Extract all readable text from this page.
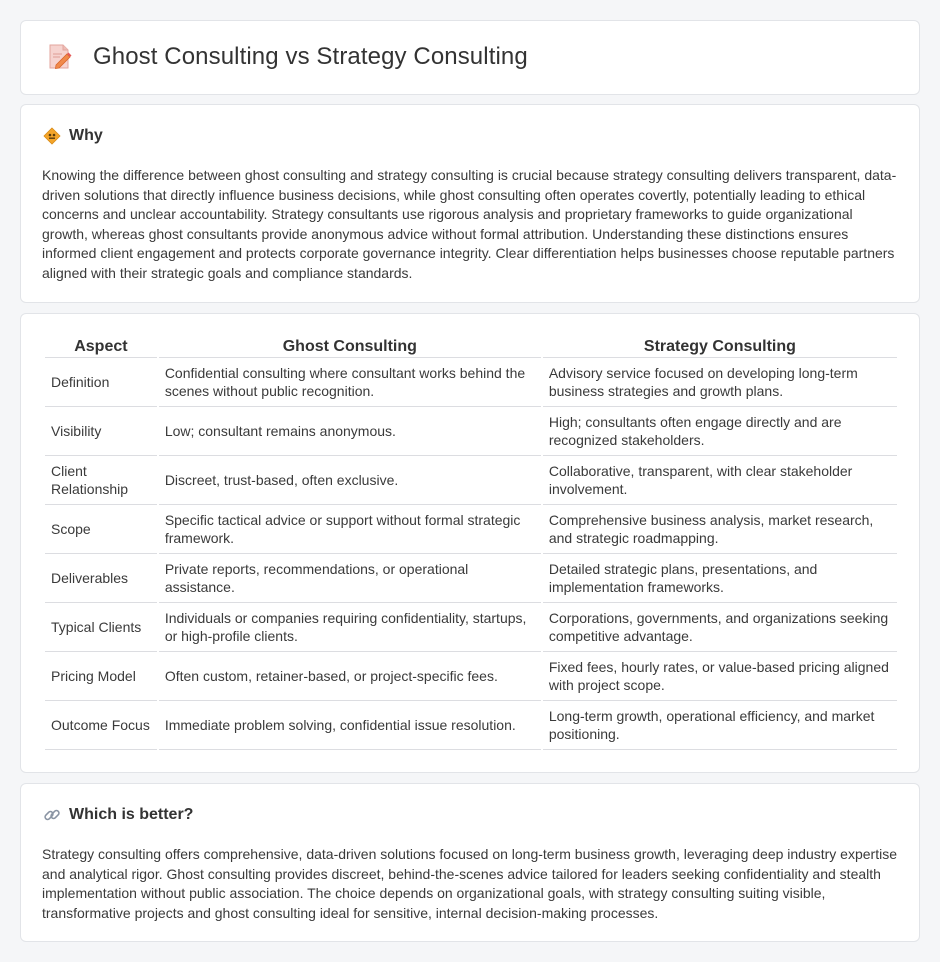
Ghost Consulting vs Strategy Consulting
Why

Knowing the difference between ghost consulting and strategy consulting is crucial because strategy consulting delivers transparent, data-driven solutions that directly influence business decisions, while ghost consulting often operates covertly, potentially leading to ethical concerns and unclear accountability. Strategy consultants use rigorous analysis and proprietary frameworks to guide organizational growth, whereas ghost consultants provide anonymous advice without formal attribution. Understanding these distinctions ensures informed client engagement and protects corporate governance integrity. Clear differentiation helps businesses choose reputable partners aligned with their strategic goals and compliance standards.

Aspect	Ghost Consulting	Strategy Consulting
Definition	Confidential consulting where consultant works behind the scenes without public recognition.	Advisory service focused on developing long-term business strategies and growth plans.
Visibility	Low; consultant remains anonymous.	High; consultants often engage directly and are recognized stakeholders.
Client Relationship	Discreet, trust-based, often exclusive.	Collaborative, transparent, with clear stakeholder involvement.
Scope	Specific tactical advice or support without formal strategic framework.	Comprehensive business analysis, market research, and strategic roadmapping.
Deliverables	Private reports, recommendations, or operational assistance.	Detailed strategic plans, presentations, and implementation frameworks.
Typical Clients	Individuals or companies requiring confidentiality, startups, or high-profile clients.	Corporations, governments, and organizations seeking competitive advantage.
Pricing Model	Often custom, retainer-based, or project-specific fees.	Fixed fees, hourly rates, or value-based pricing aligned with project scope.
Outcome Focus	Immediate problem solving, confidential issue resolution.	Long-term growth, operational efficiency, and market positioning.
Which is better?

Strategy consulting offers comprehensive, data-driven solutions focused on long-term business growth, leveraging deep industry expertise and analytical rigor. Ghost consulting provides discreet, behind-the-scenes advice tailored for leaders seeking confidentiality and stealth implementation without public association. The choice depends on organizational goals, with strategy consulting suiting visible, transformative projects and ghost consulting ideal for sensitive, internal decision-making processes.
